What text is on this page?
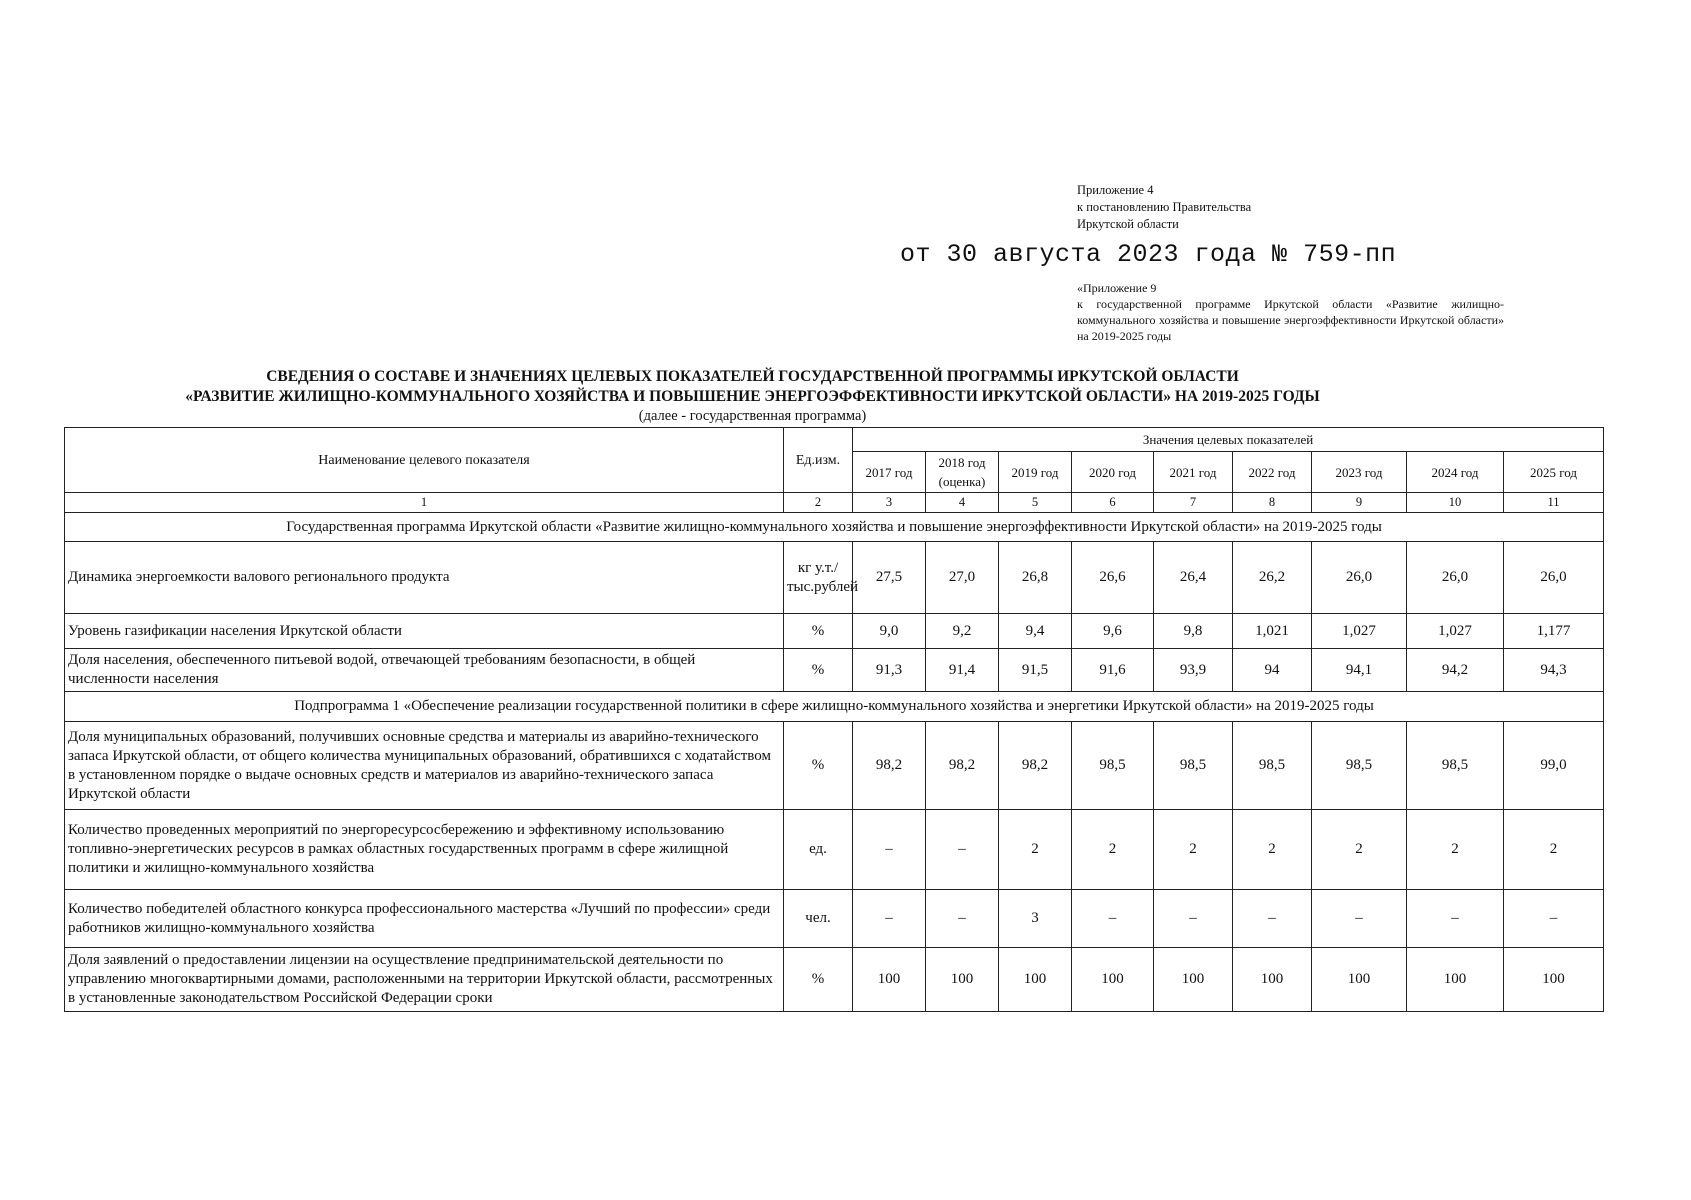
Приложение 4
к постановлению Правительства
Иркутской области
от 30 августа 2023 года № 759-пп
«Приложение 9
к государственной программе Иркутской области «Развитие жилищно-коммунального хозяйства и повышение энергоэффективности Иркутской области» на 2019-2025 годы
СВЕДЕНИЯ О СОСТАВЕ И ЗНАЧЕНИЯХ ЦЕЛЕВЫХ ПОКАЗАТЕЛЕЙ ГОСУДАРСТВЕННОЙ ПРОГРАММЫ ИРКУТСКОЙ ОБЛАСТИ
«РАЗВИТИЕ ЖИЛИЩНО-КОММУНАЛЬНОГО ХОЗЯЙСТВА И ПОВЫШЕНИЕ ЭНЕРГОЭФФЕКТИВНОСТИ ИРКУТСКОЙ ОБЛАСТИ» НА 2019-2025 ГОДЫ
(далее - государственная программа)
Наименование целевого показателя	Ед.изм.	Значения целевых показателей								
		2017 год	2018 год (оценка)	2019 год	2020 год	2021 год	2022 год	2023 год	2024 год	2025 год
1	2	3	4	5	6	7	8	9	10	11
Государственная программа Иркутской области «Развитие жилищно-коммунального хозяйства и повышение энергоэффективности Иркутской области» на 2019-2025 годы										
Динамика энергоемкости валового регионального продукта	кг у.т./ тыс.рублей	27,5	27,0	26,8	26,6	26,4	26,2	26,0	26,0	26,0
Уровень газификации населения Иркутской области	%	9,0	9,2	9,4	9,6	9,8	1,021	1,027	1,027	1,177
Доля населения, обеспеченного питьевой водой, отвечающей требованиям безопасности, в общей численности населения	%	91,3	91,4	91,5	91,6	93,9	94	94,1	94,2	94,3
Подпрограмма 1 «Обеспечение реализации государственной политики в сфере жилищно-коммунального хозяйства и энергетики Иркутской области» на 2019-2025 годы										
Доля муниципальных образований, получивших основные средства и материалы из аварийно-технического запаса Иркутской области, от общего количества муниципальных образований, обратившихся с ходатайством в установленном порядке о выдаче основных средств и материалов из аварийно-технического запаса Иркутской области	%	98,2	98,2	98,2	98,5	98,5	98,5	98,5	98,5	99,0
Количество проведенных мероприятий по энергоресурсосбережению и эффективному использованию топливно-энергетических ресурсов в рамках областных государственных программ в сфере жилищной политики и жилищно-коммунального хозяйства	ед.	–	–	2	2	2	2	2	2	2
Количество победителей областного конкурса профессионального мастерства «Лучший по профессии» среди работников жилищно-коммунального хозяйства	чел.	–	–	3	–	–	–	–	–	–
Доля заявлений о предоставлении лицензии на осуществление предпринимательской деятельности по управлению многоквартирными домами, расположенными на территории Иркутской области, рассмотренных в установленные законодательством Российской Федерации сроки	%	100	100	100	100	100	100	100	100	100
